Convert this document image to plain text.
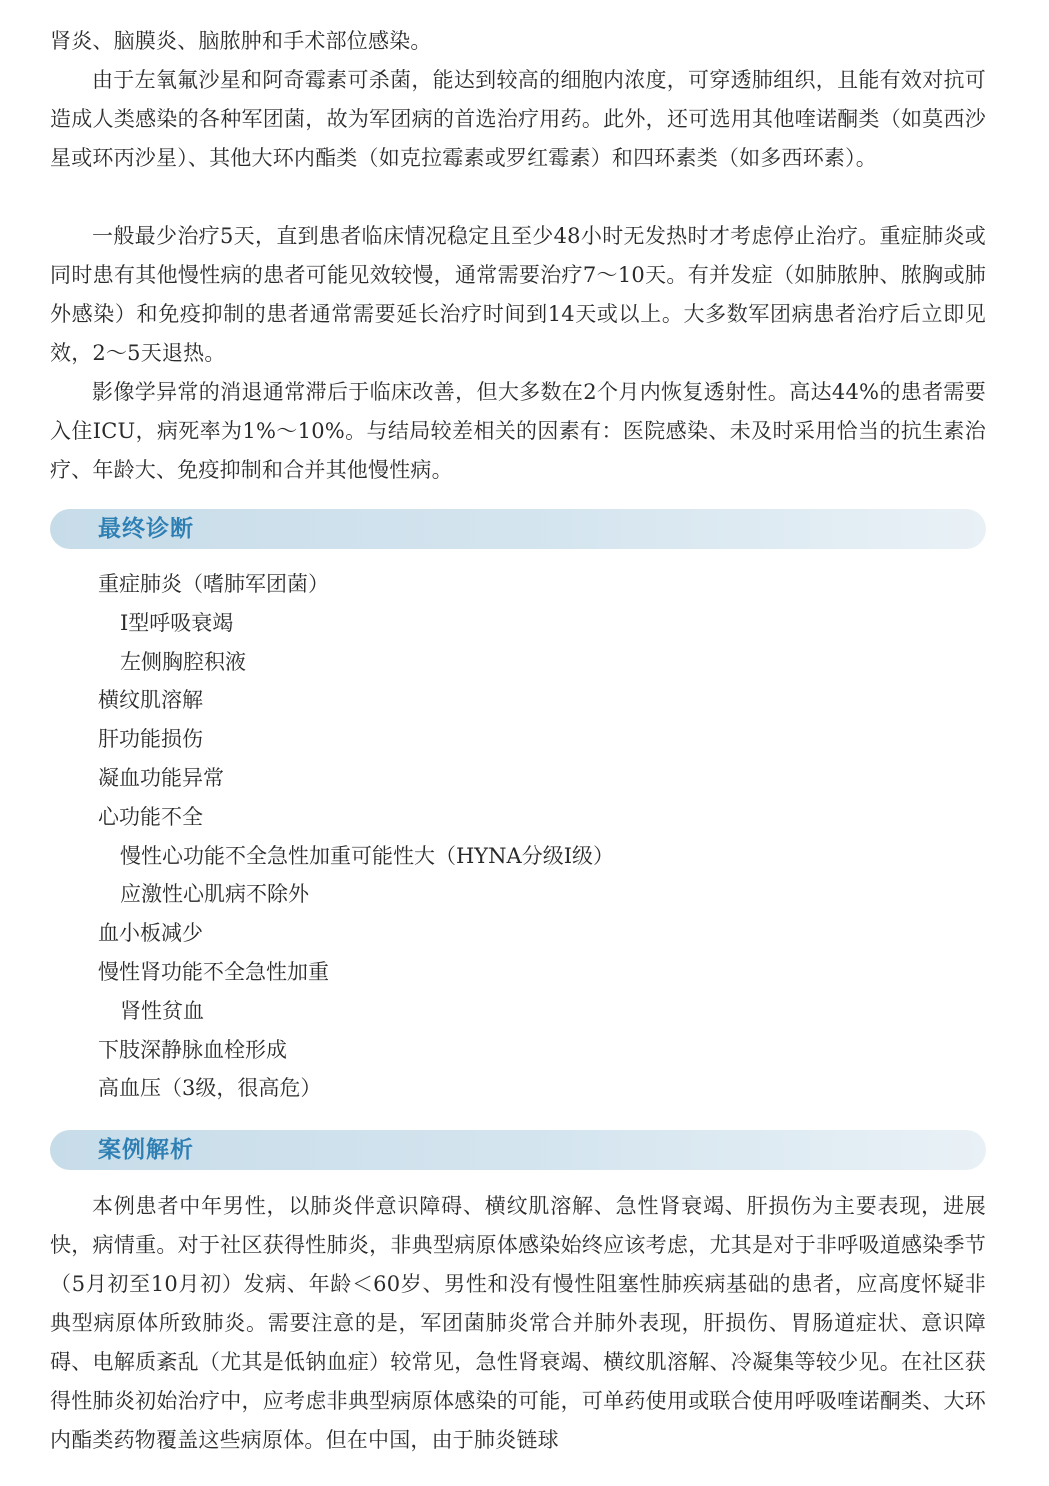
肾炎、脑膜炎、脑脓肿和手术部位感染。

由于左氧氟沙星和阿奇霉素可杀菌，能达到较高的细胞内浓度，可穿透肺组织，且能有效对抗可造成人类感染的各种军团菌，故为军团病的首选治疗用药。此外，还可选用其他喹诺酮类（如莫西沙星或环丙沙星）、其他大环内酯类（如克拉霉素或罗红霉素）和四环素类（如多西环素）。

一般最少治疗5天，直到患者临床情况稳定且至少48小时无发热时才考虑停止治疗。重症肺炎或同时患有其他慢性病的患者可能见效较慢，通常需要治疗7～10天。有并发症（如肺脓肿、脓胸或肺外感染）和免疫抑制的患者通常需要延长治疗时间到14天或以上。大多数军团病患者治疗后立即见效，2～5天退热。

影像学异常的消退通常滞后于临床改善，但大多数在2个月内恢复透射性。高达44%的患者需要入住ICU，病死率为1%～10%。与结局较差相关的因素有：医院感染、未及时采用恰当的抗生素治疗、年龄大、免疫抑制和合并其他慢性病。

最终诊断
重症肺炎（嗜肺军团菌）
Ⅰ型呼吸衰竭
左侧胸腔积液
横纹肌溶解
肝功能损伤
凝血功能异常
心功能不全
慢性心功能不全急性加重可能性大（HYNA分级Ⅰ级）
应激性心肌病不除外
血小板减少
慢性肾功能不全急性加重
肾性贫血
下肢深静脉血栓形成
高血压（3级，很高危）
案例解析

本例患者中年男性，以肺炎伴意识障碍、横纹肌溶解、急性肾衰竭、肝损伤为主要表现，进展快，病情重。对于社区获得性肺炎，非典型病原体感染始终应该考虑，尤其是对于非呼吸道感染季节（5月初至10月初）发病、年龄＜60岁、男性和没有慢性阻塞性肺疾病基础的患者，应高度怀疑非典型病原体所致肺炎。需要注意的是，军团菌肺炎常合并肺外表现，肝损伤、胃肠道症状、意识障碍、电解质紊乱（尤其是低钠血症）较常见，急性肾衰竭、横纹肌溶解、冷凝集等较少见。在社区获得性肺炎初始治疗中，应考虑非典型病原体感染的可能，可单药使用或联合使用呼吸喹诺酮类、大环内酯类药物覆盖这些病原体。但在中国，由于肺炎链球
